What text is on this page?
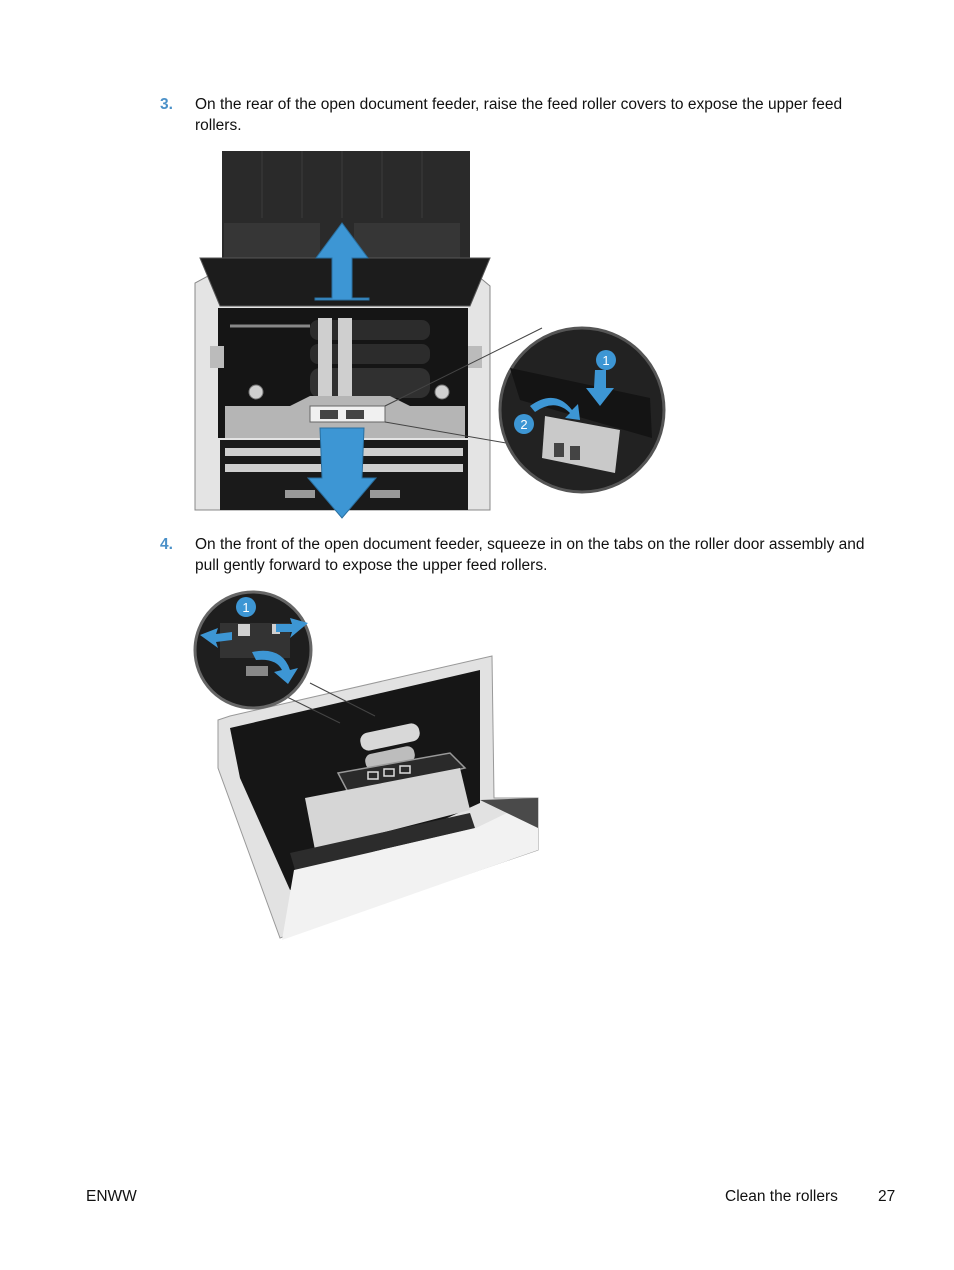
3. On the rear of the open document feeder, raise the feed roller covers to expose the upper feed rollers.
1
2
4. On the front of the open document feeder, squeeze in on the tabs on the roller door assembly and pull gently forward to expose the upper feed rollers.
1
ENWW	Clean the rollers	27
